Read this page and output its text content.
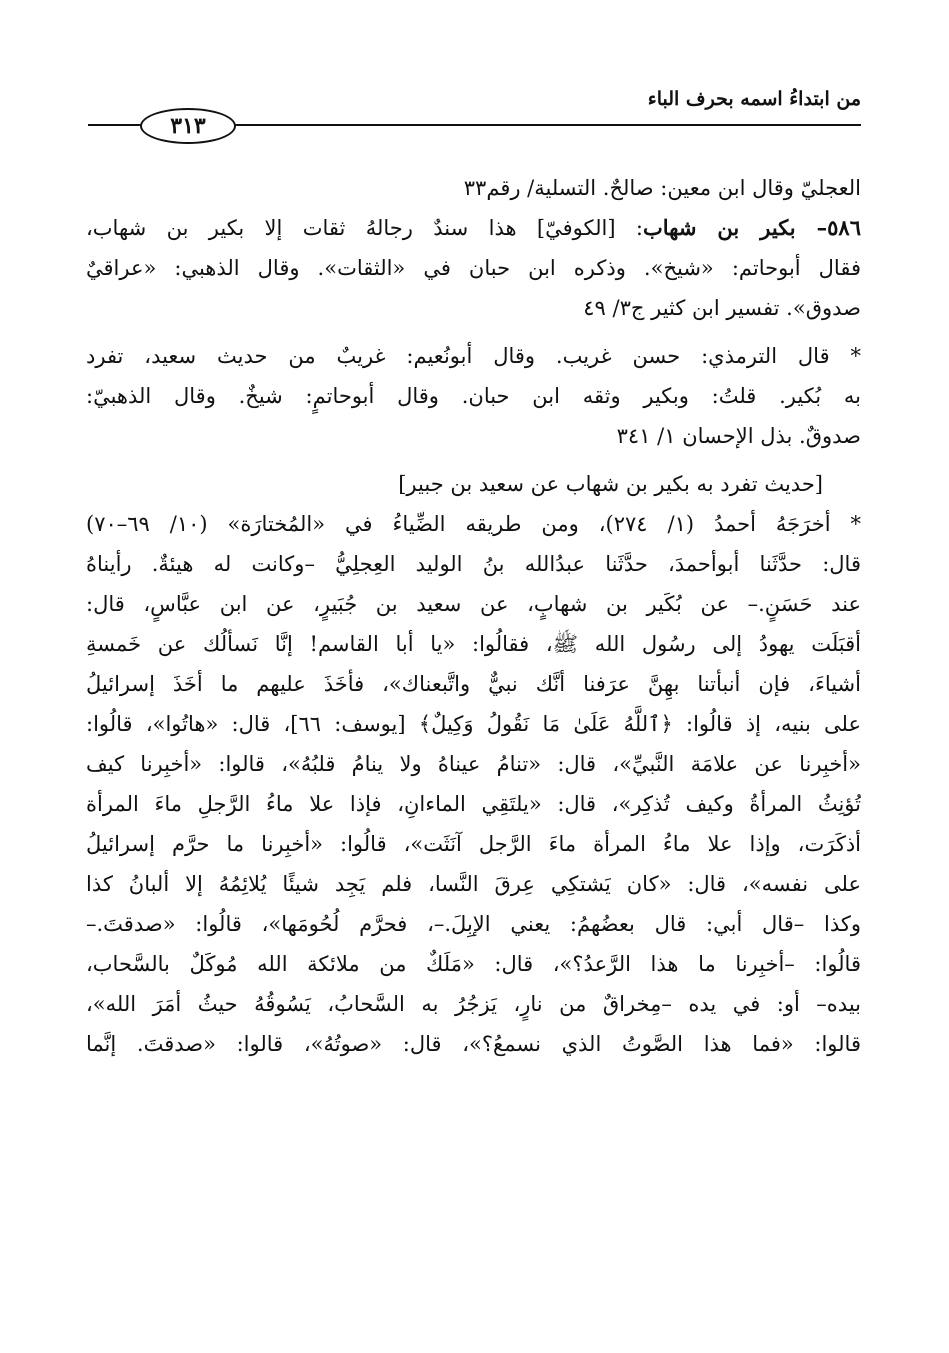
من ابتداءُ اسمه بحرف الباء
٣١٣
العجليّ وقال ابن معين: صالحٌ. التسلية/ رقم٣٣
٥٨٦– بكير بن شهاب: [الكوفيّ] هذا سندٌ رجالهُ ثقات إلا بكير بن شهاب،
فقال أبوحاتم: «شيخ». وذكره ابن حبان في «الثقات». وقال الذهبي: «عراقيٌ
صدوق». تفسير ابن كثير ج٣/ ٤٩
* قال الترمذي: حسن غريب. وقال أبونُعيم: غريبٌ من حديث سعيد، تفرد
به بُكير. قلتُ: وبكير وثقه ابن حبان. وقال أبوحاتمٍ: شيخٌ. وقال الذهبيّ:
صدوقٌ. بذل الإحسان ١/ ٣٤١
[حديث تفرد به بكير بن شهاب عن سعيد بن جبير]
* أخرَجَهُ أحمدُ (١/ ٢٧٤)، ومن طريقه الضِّياءُ في «المُختارَة» (١٠/ ٦٩–٧٠)
قال: حدَّثَنا أبوأحمدَ، حدَّثَنا عبدُالله بنُ الوليد العِجلِيُّ –وكانت له هيئةٌ. رأيناهُ
عند حَسَنٍ.– عن بُكَير بن شهابٍ، عن سعيد بن جُبَيرٍ، عن ابن عبَّاسٍ، قال:
أقبَلَت يهودُ إلى رسُول الله ﷺ، فقالُوا: «يا أبا القاسم! إنَّا نَسألُك عن خَمسةِ
أشياءَ، فإن أنبأتنا بهِنَّ عرَفنا أنَّك نبيٌّ واتَّبعناك»، فأخَذَ عليهم ما أخَذَ إسرائيلُ
على بنيه، إذ قالُوا: ﴿ٱللَّهُ عَلَىٰ مَا نَقُولُ وَكِيلٌ﴾ [يوسف: ٦٦]، قال: «هاتُوا»، قالُوا:
«أخبِرنا عن علامَة النَّبيِّ»، قال: «تنامُ عيناهُ ولا ينامُ قلبُهُ»، قالوا: «أخبِرنا كيف
تُؤنِثُ المرأةُ وكيف تُذكِر»، قال: «يلتَقِي الماءانِ، فإذا علا ماءُ الرَّجلِ ماءَ المرأة
أذكَرَت، وإذا علا ماءُ المرأة ماءَ الرَّجل آنَثَت»، قالُوا: «أخبِرنا ما حرَّم إسرائيلُ
على نفسه»، قال: «كان يَشتكِي عِرقَ النَّسا، فلم يَجِد شيئًا يُلائِمُهُ إلا ألبانُ كذا
وكذا –قال أبي: قال بعضُهمُ: يعني الإبِلَ.–، فحرَّم لُحُومَها»، قالُوا: «صدقتَ.–
قالُوا: –أخبِرنا ما هذا الرَّعدُ؟»، قال: «مَلَكٌ من ملائكة الله مُوكَلٌ بالسَّحاب،
بيده– أو: في يده –مِخراقٌ من نارٍ، يَزجُرُ به السَّحابُ، يَسُوقُهُ حيثُ أمَرَ الله»،
قالوا: «فما هذا الصَّوتُ الذي نسمعُ؟»، قال: «صوتُهُ»، قالوا: «صدقتَ. إنَّما
